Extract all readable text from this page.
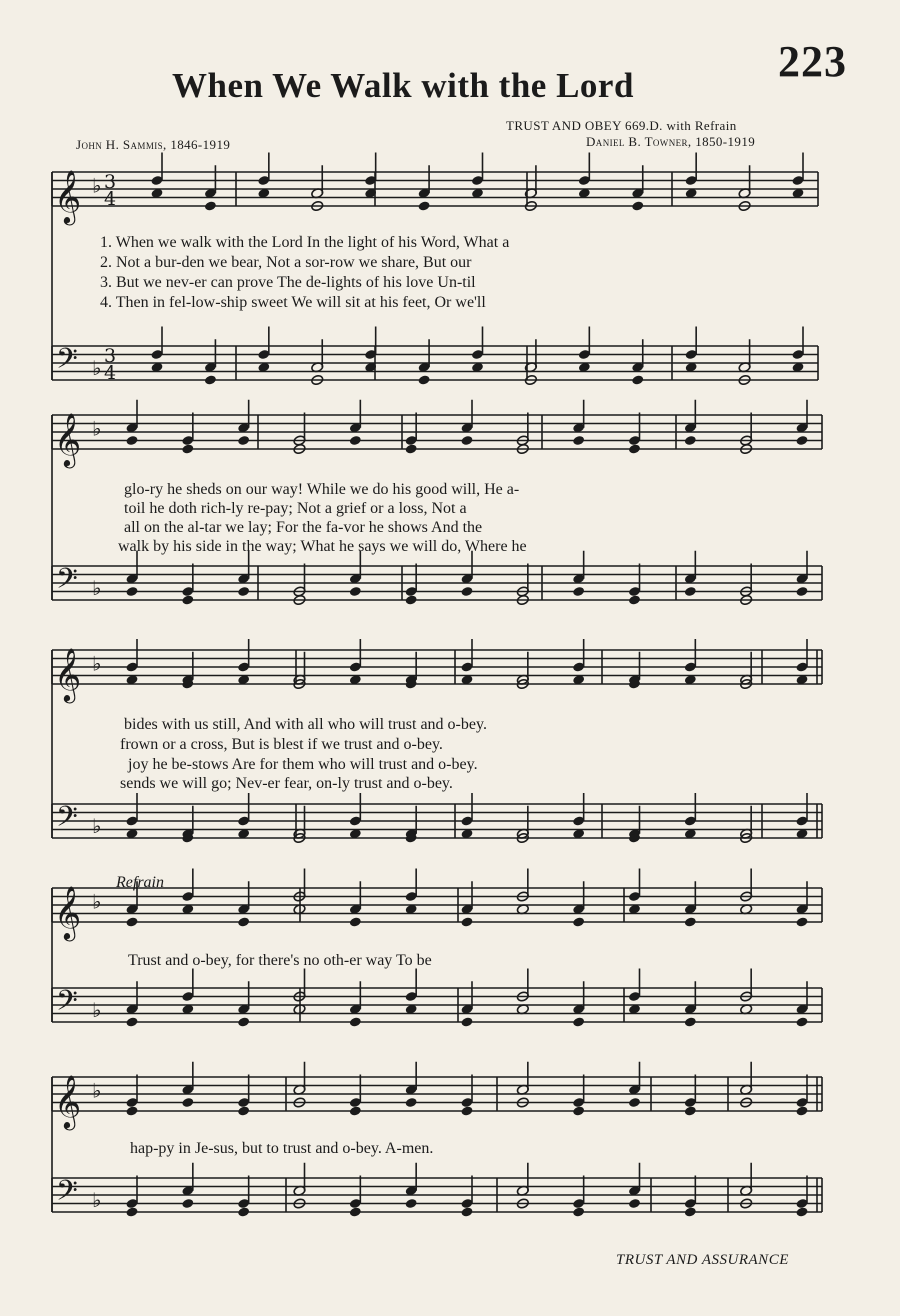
223
When We Walk with the Lord
TRUST AND OBEY 669.D. with Refrain
John H. Sammis, 1846-1919	Daniel B. Towner, 1850-1919
𝄞 ♭ 3
4
𝄢 ♭ 3
4
𝄞 ♭
𝄢 ♭
𝄞 ♭
𝄢 ♭
𝄞 ♭
𝄢 ♭
𝄞 ♭
𝄢 ♭
1. When we walk with the Lord In the light of his Word, What a
2. Not a bur-den we bear, Not a sor-row we share, But our
3. But we nev-er can prove The de-lights of his love Un-til
4. Then in fel-low-ship sweet We will sit at his feet, Or we'll
glo-ry he sheds on our way! While we do his good will, He a-
toil he doth rich-ly re-pay; Not a grief or a loss, Not a
all on the al-tar we lay; For the fa-vor he shows And the
walk by his side in the way; What he says we will do, Where he
bides with us still, And with all who will trust and o-bey.
frown or a cross, But is blest if we trust and o-bey.
joy he be-stows Are for them who will trust and o-bey.
sends we will go; Nev-er fear, on-ly trust and o-bey.
Refrain
Trust and o-bey, for there's no oth-er way To be
hap-py in Je-sus, but to trust and o-bey. A-men.
TRUST AND ASSURANCE
